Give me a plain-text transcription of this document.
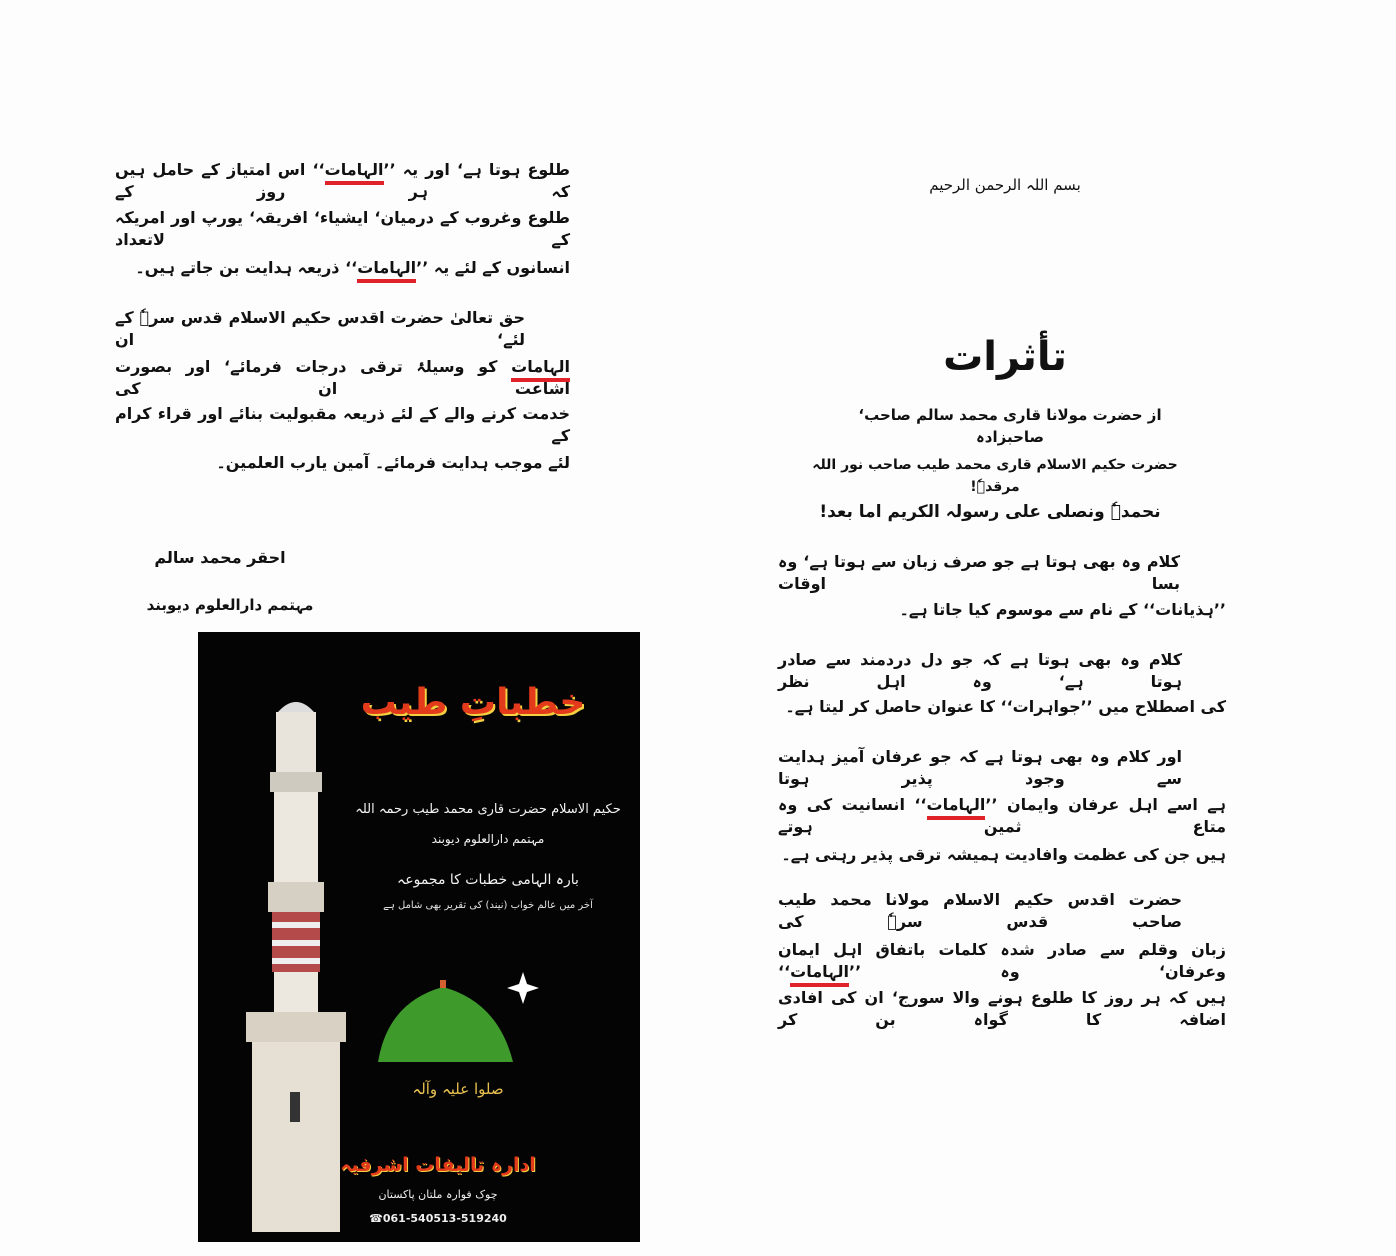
طلوع ہوتا ہے‘ اور یہ ’’الہامات‘‘ اس امتیاز کے حامل ہیں کہ ہر روز کے
طلوع وغروب کے درمیان‘ ایشیاء‘ افریقہ‘ یورپ اور امریکہ کے لاتعداد
انسانوں کے لئے یہ ’’الہامات‘‘ ذریعہ ہدایت بن جاتے ہیں۔
حق تعالیٰ حضرت اقدس حکیم الاسلام قدس سرہٗ کے لئے‘ ان
الہامات کو وسیلۂ ترقی درجات فرمائے‘ اور بصورت اشاعت ان کی
خدمت کرنے والے کے لئے ذریعہ مقبولیت بنائے اور قراء کرام کے
لئے موجب ہدایت فرمائے۔ آمین یارب العلمین۔
احقر محمد سالم
مہتمم دارالعلوم دیوبند
خطباتِ طیب
حکیم الاسلام حضرت قاری محمد طیب رحمہ اللہ
مہتمم دارالعلوم دیوبند
بارہ الہامی خطبات کا مجموعہ
آخر میں عالم خواب (نیند) کی تقریر بھی شامل ہے
صلوا علیہ وآلہ
ادارہ تالیفات اشرفیہ
چوک فوارہ ملتان پاکستان
☎061-540513-519240
بسم اللہ الرحمن الرحیم
تأثرات
از حضرت مولانا قاری محمد سالم صاحب‘ صاحبزادہ
حضرت حکیم الاسلام قاری محمد طیب صاحب نور اللہ مرقدہٗ!
نحمدہٗ ونصلی علی رسولہ الکریم اما بعد!
کلام وہ بھی ہوتا ہے جو صرف زبان سے ہوتا ہے‘ وہ بسا اوقات
’’ہذیانات‘‘ کے نام سے موسوم کیا جاتا ہے۔
کلام وہ بھی ہوتا ہے کہ جو دل دردمند سے صادر ہوتا ہے‘ وہ اہل نظر
کی اصطلاح میں ’’جواہرات‘‘ کا عنوان حاصل کر لیتا ہے۔
اور کلام وہ بھی ہوتا ہے کہ جو عرفان آمیز ہدایت سے وجود پذیر ہوتا
ہے اسے اہل عرفان وایمان ’’الہامات‘‘ انسانیت کی وہ متاع ثمین ہوتے
ہیں جن کی عظمت وافادیت ہمیشہ ترقی پذیر رہتی ہے۔
حضرت اقدس حکیم الاسلام مولانا محمد طیب صاحب قدس سرہٗ کی
زبان وقلم سے صادر شدہ کلمات باتفاق اہل ایمان وعرفان‘ وہ ’’الہامات‘‘
ہیں کہ ہر روز کا طلوع ہونے والا سورج‘ ان کی افادی اضافہ کا گواہ بن کر
